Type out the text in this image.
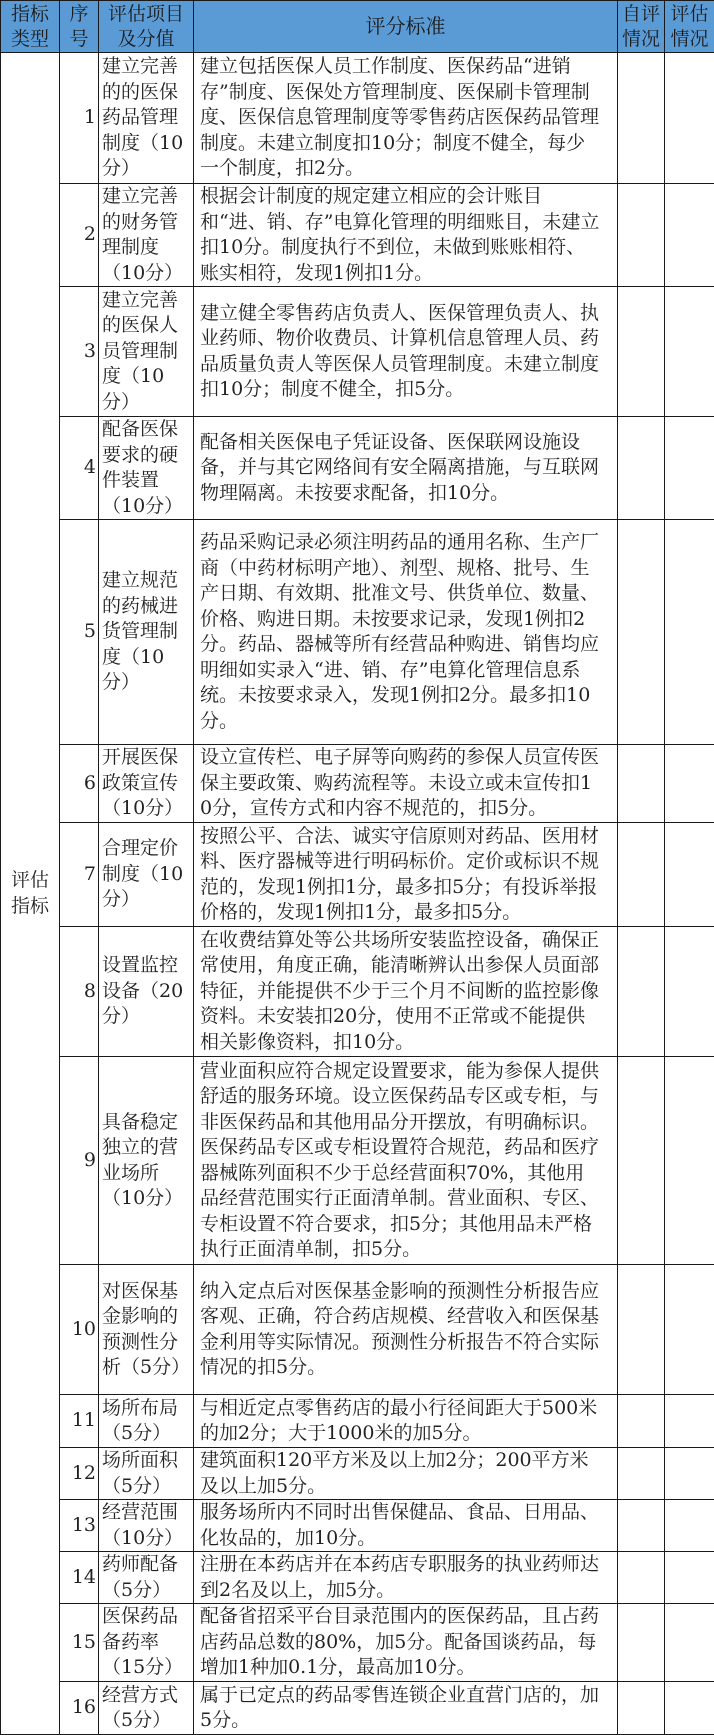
指标类型	序号	评估项目及分值	评分标准	自评情况	评估情况
评估指标	1	建立完善的的医保药品管理制度（10分）	建立包括医保人员工作制度、医保药品“进销存”制度、医保处方管理制度、医保刷卡管理制度、医保信息管理制度等零售药店医保药品管理制度。未建立制度扣10分；制度不健全，每少一个制度，扣2分。		
	2	建立完善的财务管理制度（10分）	根据会计制度的规定建立相应的会计账目和“进、销、存”电算化管理的明细账目，未建立扣10分。制度执行不到位，未做到账账相符、账实相符，发现1例扣1分。		
	3	建立完善的医保人员管理制度（10分）	建立健全零售药店负责人、医保管理负责人、执业药师、物价收费员、计算机信息管理人员、药品质量负责人等医保人员管理制度。未建立制度扣10分；制度不健全，扣5分。		
	4	配备医保要求的硬件装置（10分）	配备相关医保电子凭证设备、医保联网设施设备，并与其它网络间有安全隔离措施，与互联网物理隔离。未按要求配备，扣10分。		
	5	建立规范的药械进货管理制度（10分）	药品采购记录必须注明药品的通用名称、生产厂商（中药材标明产地）、剂型、规格、批号、生产日期、有效期、批准文号、供货单位、数量、价格、购进日期。未按要求记录，发现1例扣2分。药品、器械等所有经营品种购进、销售均应明细如实录入“进、销、存”电算化管理信息系统。未按要求录入，发现1例扣2分。最多扣10分。		
	6	开展医保政策宣传（10分）	设立宣传栏、电子屏等向购药的参保人员宣传医保主要政策、购药流程等。未设立或未宣传扣10分，宣传方式和内容不规范的，扣5分。		
	7	合理定价制度（10分）	按照公平、合法、诚实守信原则对药品、医用材料、医疗器械等进行明码标价。定价或标识不规范的，发现1例扣1分，最多扣5分；有投诉举报价格的，发现1例扣1分，最多扣5分。		
	8	设置监控设备（20分）	在收费结算处等公共场所安装监控设备，确保正常使用，角度正确，能清晰辨认出参保人员面部特征，并能提供不少于三个月不间断的监控影像资料。未安装扣20分，使用不正常或不能提供相关影像资料，扣10分。		
	9	具备稳定独立的营业场所（10分）	营业面积应符合规定设置要求，能为参保人提供舒适的服务环境。设立医保药品专区或专柜，与非医保药品和其他用品分开摆放，有明确标识。医保药品专区或专柜设置符合规范，药品和医疗器械陈列面积不少于总经营面积70%，其他用品经营范围实行正面清单制。营业面积、专区、专柜设置不符合要求，扣5分；其他用品未严格执行正面清单制，扣5分。		
	10	对医保基金影响的预测性分析（5分）	纳入定点后对医保基金影响的预测性分析报告应客观、正确，符合药店规模、经营收入和医保基金利用等实际情况。预测性分析报告不符合实际情况的扣5分。		
	11	场所布局（5分）	与相近定点零售药店的最小行径间距大于500米的加2分；大于1000米的加5分。		
	12	场所面积（5分）	建筑面积120平方米及以上加2分；200平方米及以上加5分。		
	13	经营范围（10分）	服务场所内不同时出售保健品、食品、日用品、化妆品的，加10分。		
	14	药师配备（5分）	注册在本药店并在本药店专职服务的执业药师达到2名及以上，加5分。		
	15	医保药品备药率（15分）	配备省招采平台目录范围内的医保药品，且占药店药品总数的80%，加5分。配备国谈药品，每增加1种加0.1分，最高加10分。		
	16	经营方式（5分）	属于已定点的药品零售连锁企业直营门店的，加5分。		
